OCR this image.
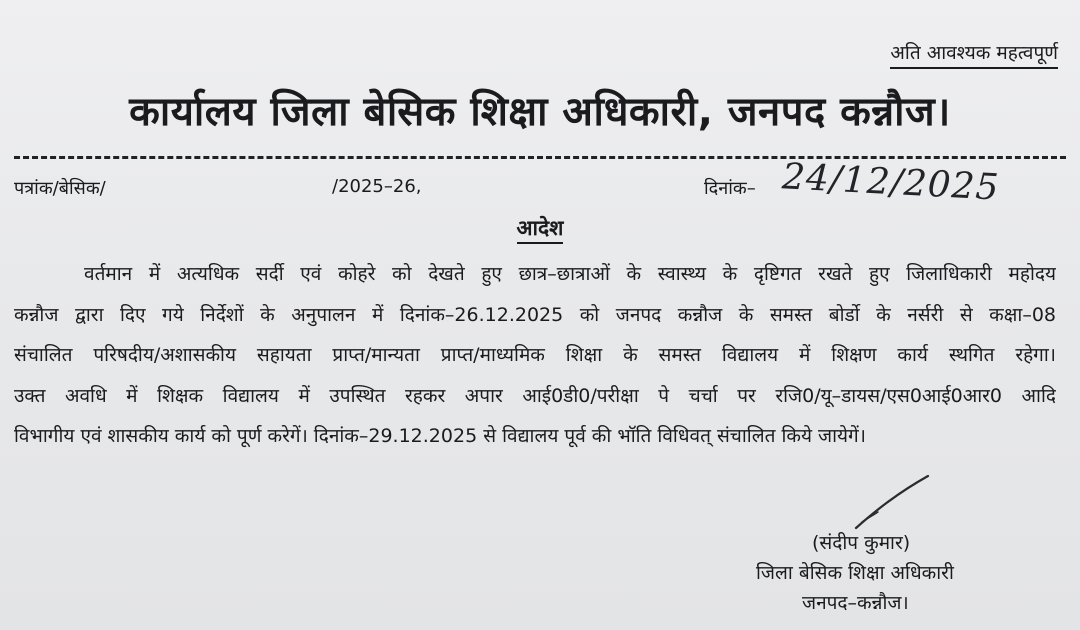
अति आवश्यक महत्वपूर्ण
कार्यालय जिला बेसिक शिक्षा अधिकारी, जनपद कन्नौज।
पत्रांक/बेसिक/	/2025–26,	दिनांक– 24/12/2025
आदेश
वर्तमान में अत्यधिक सर्दी एवं कोहरे को देखते हुए छात्र–छात्राओं के स्वास्थ्य के दृष्टिगत रखते हुए जिलाधिकारी महोदय
कन्नौज द्वारा दिए गये निर्देशों के अनुपालन में दिनांक–26.12.2025 को जनपद कन्नौज के समस्त बोर्डो के नर्सरी से कक्षा–08
संचालित परिषदीय/अशासकीय सहायता प्राप्त/मान्यता प्राप्त/माध्यमिक शिक्षा के समस्त विद्यालय में शिक्षण कार्य स्थगित रहेगा।
उक्त अवधि में शिक्षक विद्यालय में उपस्थित रहकर अपार आई0डी0/परीक्षा पे चर्चा पर रजि0/यू–डायस/एस0आई0आर0 आदि
विभागीय एवं शासकीय कार्य को पूर्ण करेगें। दिनांक–29.12.2025 से विद्यालय पूर्व की भॉति विधिवत् संचालित किये जायेगें।
(संदीप कुमार)
जिला बेसिक शिक्षा अधिकारी
जनपद–कन्नौज।
